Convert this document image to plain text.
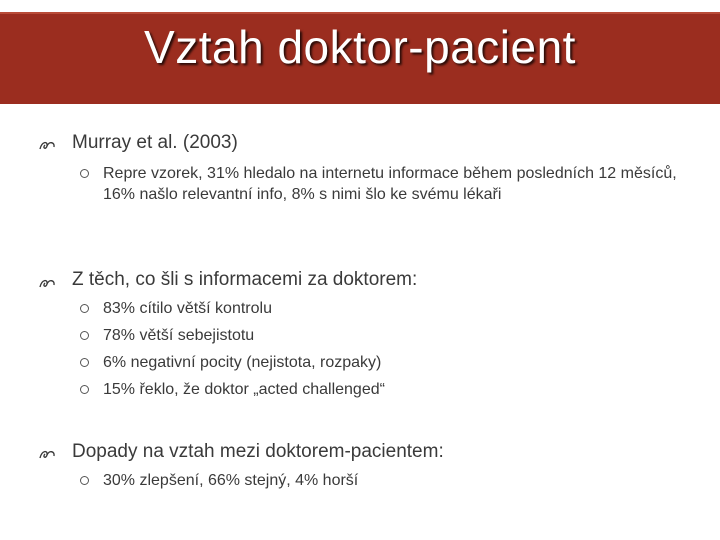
Vztah doktor-pacient
Murray et al. (2003)
Repre vzorek, 31% hledalo na internetu informace během posledních 12 měsíců, 16% našlo relevantní info, 8% s nimi šlo ke svému lékaři
Z těch, co šli s informacemi za doktorem:
83% cítilo větší kontrolu
78% větší sebejistotu
6% negativní pocity (nejistota, rozpaky)
15% řeklo, že doktor „acted challenged“
Dopady na vztah mezi doktorem-pacientem:
30% zlepšení, 66% stejný, 4% horší
